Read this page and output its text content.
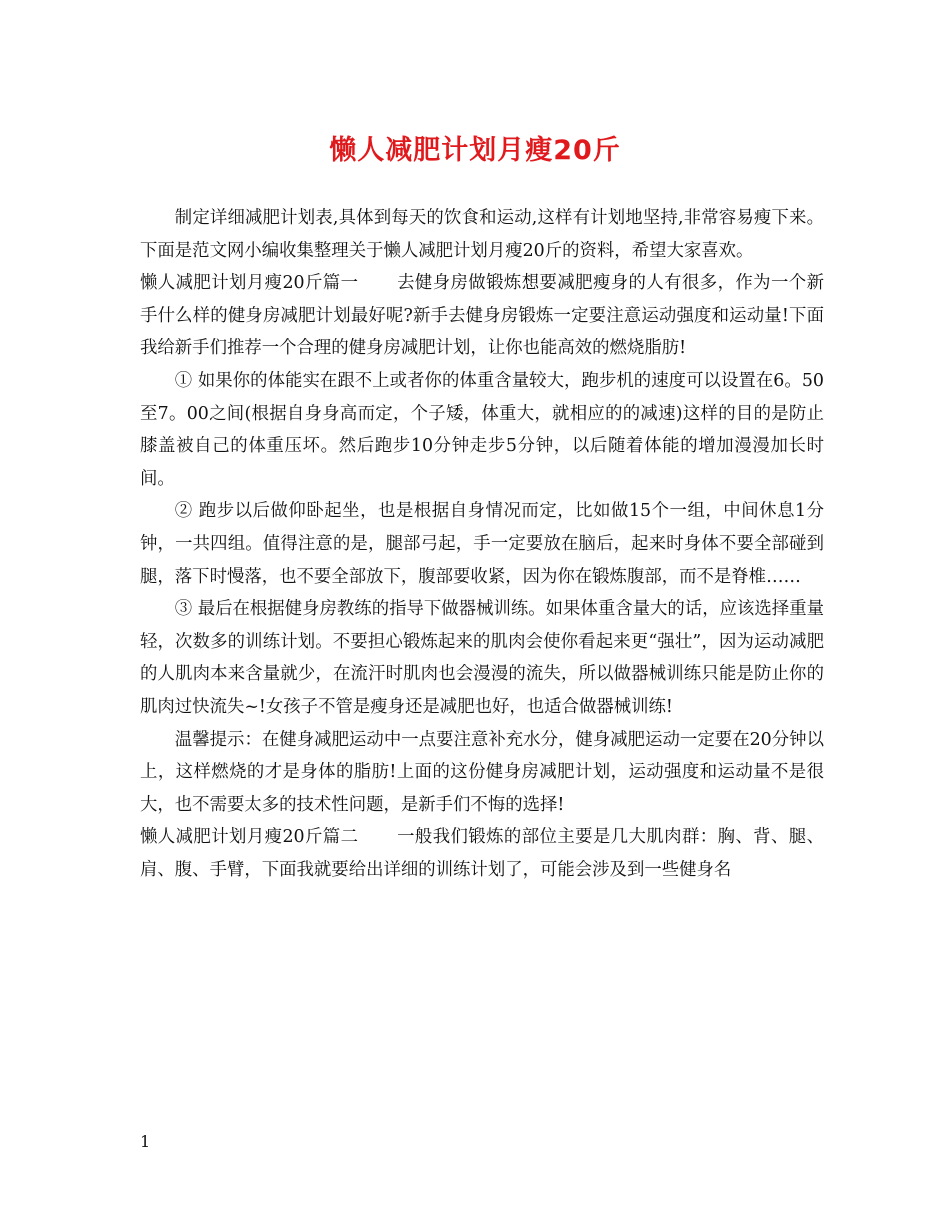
懒人减肥计划月瘦20斤

制定详细减肥计划表,具体到每天的饮食和运动,这样有计划地坚持,非常容易瘦下来。下面是范文网小编收集整理关于懒人减肥计划月瘦20斤的资料，希望大家喜欢。

懒人减肥计划月瘦20斤篇一 去健身房做锻炼想要减肥瘦身的人有很多，作为一个新手什么样的健身房减肥计划最好呢?新手去健身房锻炼一定要注意运动强度和运动量!下面我给新手们推荐一个合理的健身房减肥计划，让你也能高效的燃烧脂肪!

① 如果你的体能实在跟不上或者你的体重含量较大，跑步机的速度可以设置在6。50至7。00之间(根据自身身高而定，个子矮，体重大，就相应的的减速)这样的目的是防止膝盖被自己的体重压坏。然后跑步10分钟走步5分钟，以后随着体能的增加漫漫加长时间。

② 跑步以后做仰卧起坐，也是根据自身情况而定，比如做15个一组，中间休息1分钟，一共四组。值得注意的是，腿部弓起，手一定要放在脑后，起来时身体不要全部碰到腿，落下时慢落，也不要全部放下，腹部要收紧，因为你在锻炼腹部，而不是脊椎……

③ 最后在根据健身房教练的指导下做器械训练。如果体重含量大的话，应该选择重量轻，次数多的训练计划。不要担心锻炼起来的肌肉会使你看起来更“强壮”，因为运动减肥的人肌肉本来含量就少，在流汗时肌肉也会漫漫的流失，所以做器械训练只能是防止你的肌肉过快流失~!女孩子不管是瘦身还是减肥也好，也适合做器械训练!

温馨提示：在健身减肥运动中一点要注意补充水分，健身减肥运动一定要在20分钟以上，这样燃烧的才是身体的脂肪!上面的这份健身房减肥计划，运动强度和运动量不是很大，也不需要太多的技术性问题，是新手们不悔的选择!

懒人减肥计划月瘦20斤篇二 一般我们锻炼的部位主要是几大肌肉群：胸、背、腿、肩、腹、手臂，下面我就要给出详细的训练计划了，可能会涉及到一些健身名

1
